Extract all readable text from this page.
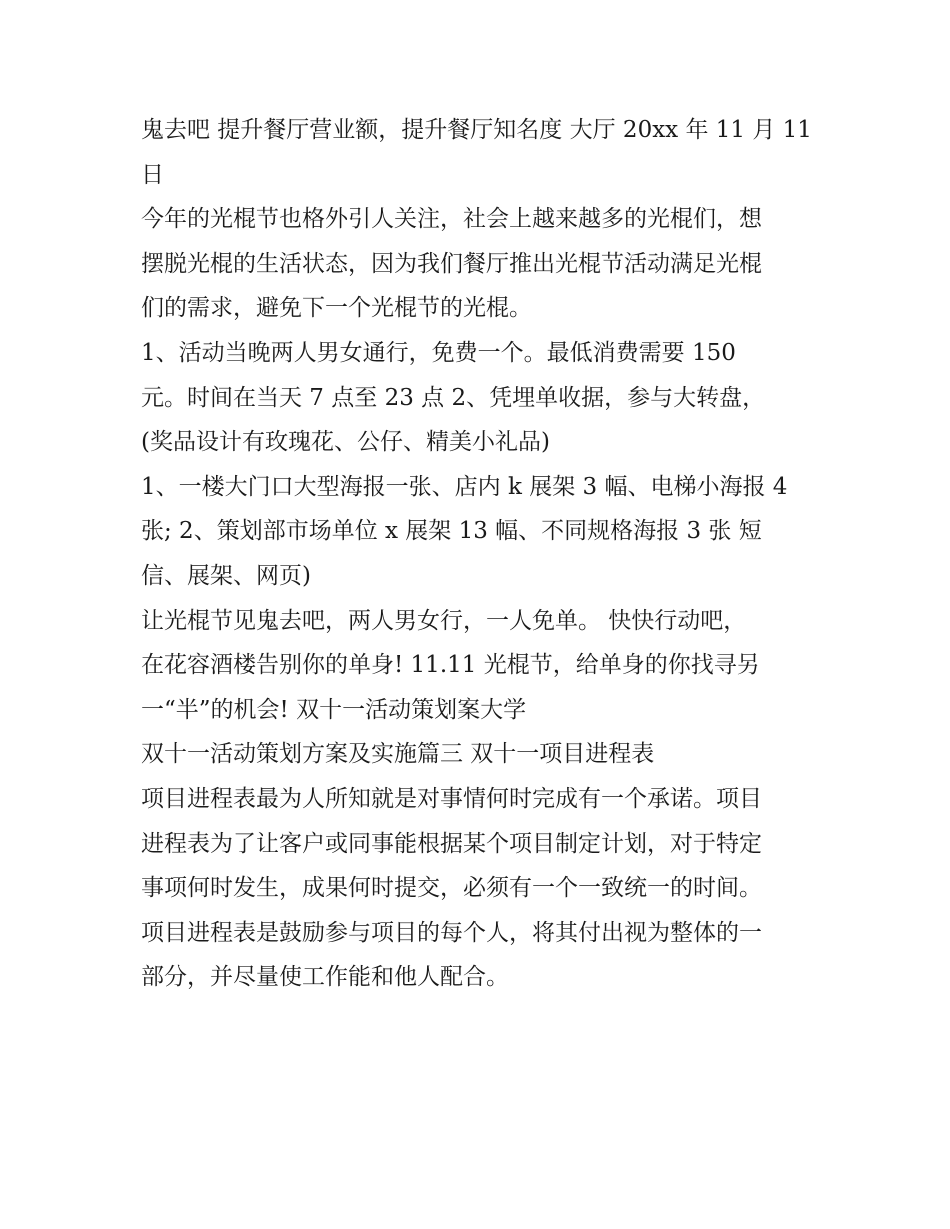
鬼去吧 提升餐厅营业额，提升餐厅知名度 大厅 20xx 年 11 月 11
日
今年的光棍节也格外引人关注，社会上越来越多的光棍们，想
摆脱光棍的生活状态，因为我们餐厅推出光棍节活动满足光棍
们的需求，避免下一个光棍节的光棍。
1、活动当晚两人男女通行，免费一个。最低消费需要 150
元。时间在当天 7 点至 23 点 2、凭埋单收据，参与大转盘，
(奖品设计有玫瑰花、公仔、精美小礼品)
1、一楼大门口大型海报一张、店内 k 展架 3 幅、电梯小海报 4
张; 2、策划部市场单位 x 展架 13 幅、不同规格海报 3 张 短
信、展架、网页)
让光棍节见鬼去吧，两人男女行，一人免单。 快快行动吧，
在花容酒楼告别你的单身! 11.11 光棍节，给单身的你找寻另
一“半”的机会! 双十一活动策划案大学
双十一活动策划方案及实施篇三 双十一项目进程表
项目进程表最为人所知就是对事情何时完成有一个承诺。项目
进程表为了让客户或同事能根据某个项目制定计划，对于特定
事项何时发生，成果何时提交，必须有一个一致统一的时间。
项目进程表是鼓励参与项目的每个人，将其付出视为整体的一
部分，并尽量使工作能和他人配合。
